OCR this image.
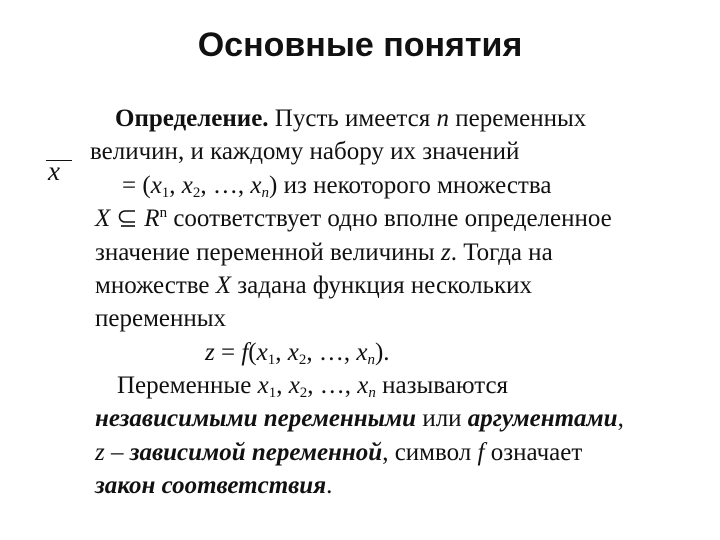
Основные понятия
x
Определение. Пусть имеется n переменных
величин, и каждому набору их значений
= ($x_1$, $x_2$, …, $x_n$) из некоторого множества
X $R^n$ соответствует одно вполне определенное
значение переменной величины z. Тогда на
множестве X задана функция нескольких
переменных
$z = f(x_1$, $x_2$, …, $x_n$).
Переменные $x_1$, $x_2$, …, $x_n$ называются
независимыми переменными или аргументами,
z – зависимой переменной, символ f означает
закон соответствия.
